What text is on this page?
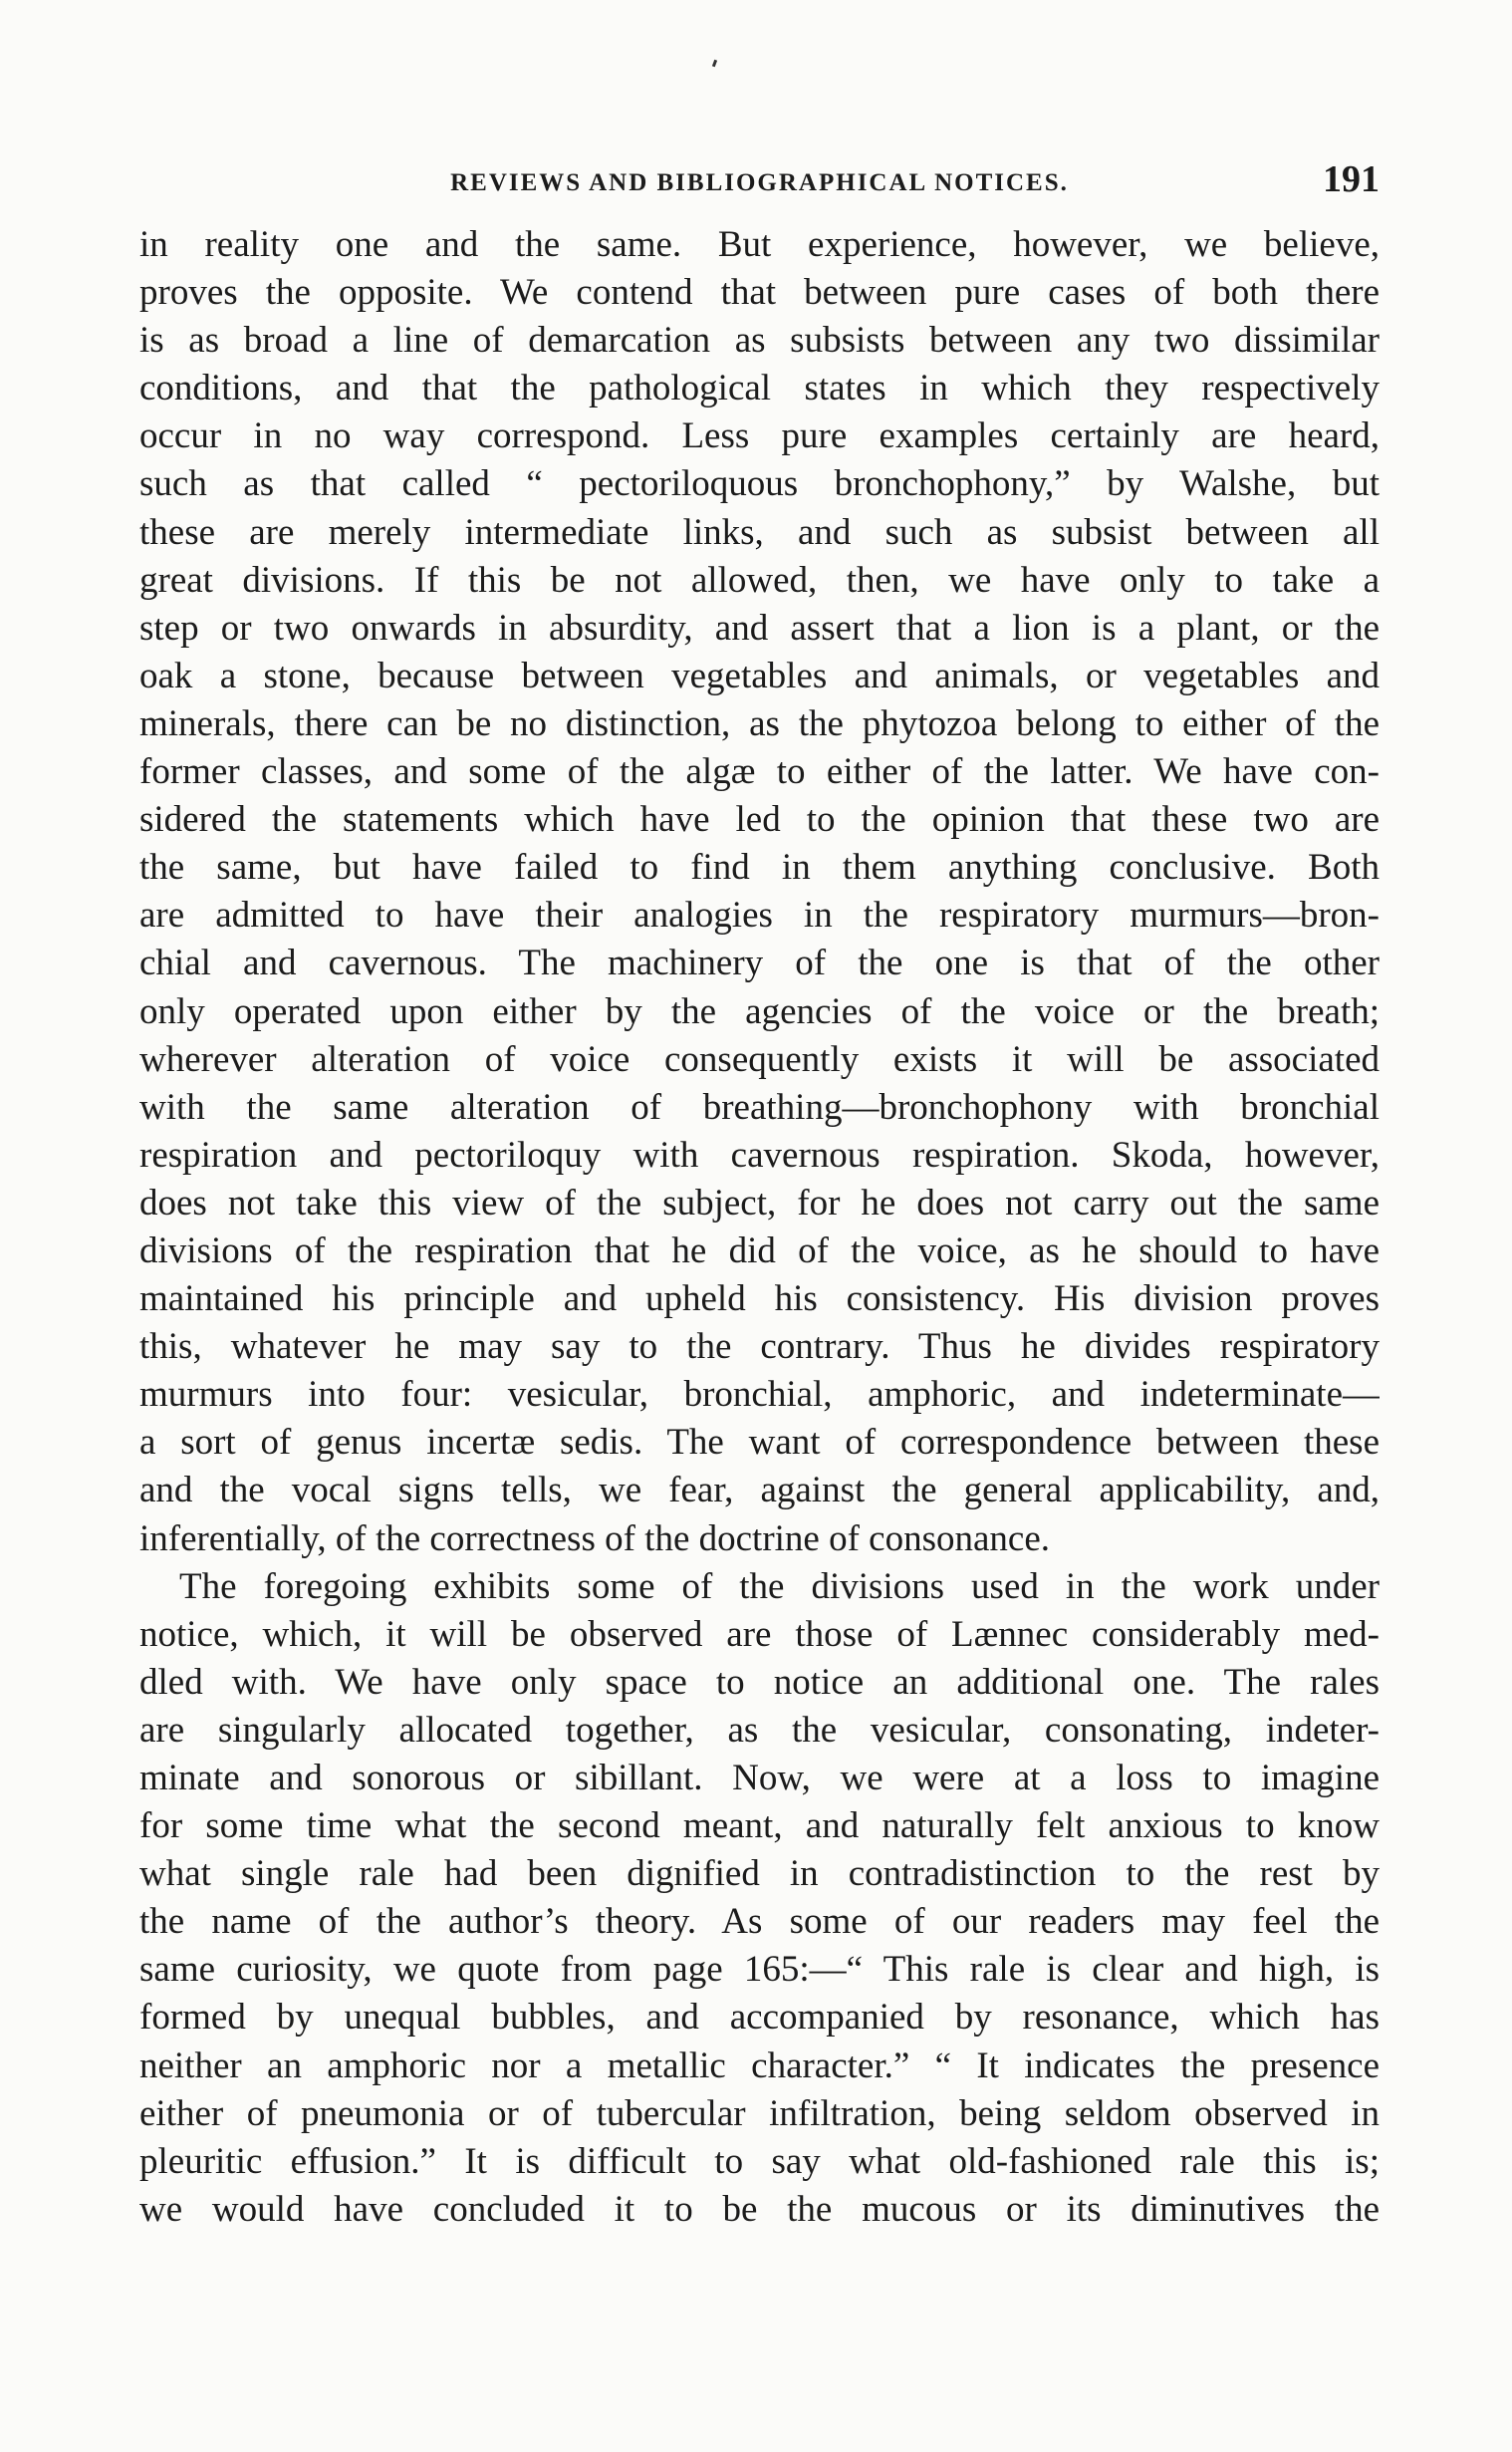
REVIEWS AND BIBLIOGRAPHICAL NOTICES.	191
in reality one and the same. But experience, however, we believe,
proves the opposite. We contend that between pure cases of both there
is as broad a line of demarcation as subsists between any two dissimilar
conditions, and that the pathological states in which they respectively
occur in no way correspond. Less pure examples certainly are heard,
such as that called “ pectoriloquous bronchophony,” by Walshe, but
these are merely intermediate links, and such as subsist between all
great divisions. If this be not allowed, then, we have only to take a
step or two onwards in absurdity, and assert that a lion is a plant, or the
oak a stone, because between vegetables and animals, or vegetables and
minerals, there can be no distinction, as the phytozoa belong to either of the
former classes, and some of the algæ to either of the latter. We have con-
sidered the statements which have led to the opinion that these two are
the same, but have failed to find in them anything conclusive. Both
are admitted to have their analogies in the respiratory murmurs—bron-
chial and cavernous. The machinery of the one is that of the other
only operated upon either by the agencies of the voice or the breath;
wherever alteration of voice consequently exists it will be associated
with the same alteration of breathing—bronchophony with bronchial
respiration and pectoriloquy with cavernous respiration. Skoda, however,
does not take this view of the subject, for he does not carry out the same
divisions of the respiration that he did of the voice, as he should to have
maintained his principle and upheld his consistency. His division proves
this, whatever he may say to the contrary. Thus he divides respiratory
murmurs into four: vesicular, bronchial, amphoric, and indeterminate—
a sort of genus incertæ sedis. The want of correspondence between these
and the vocal signs tells, we fear, against the general applicability, and,
inferentially, of the correctness of the doctrine of consonance.
The foregoing exhibits some of the divisions used in the work under
notice, which, it will be observed are those of Lænnec considerably med-
dled with. We have only space to notice an additional one. The rales
are singularly allocated together, as the vesicular, consonating, indeter-
minate and sonorous or sibillant. Now, we were at a loss to imagine
for some time what the second meant, and naturally felt anxious to know
what single rale had been dignified in contradistinction to the rest by
the name of the author’s theory. As some of our readers may feel the
same curiosity, we quote from page 165:—“ This rale is clear and high, is
formed by unequal bubbles, and accompanied by resonance, which has
neither an amphoric nor a metallic character.” “ It indicates the presence
either of pneumonia or of tubercular infiltration, being seldom observed in
pleuritic effusion.” It is difficult to say what old-fashioned rale this is;
we would have concluded it to be the mucous or its diminutives the
